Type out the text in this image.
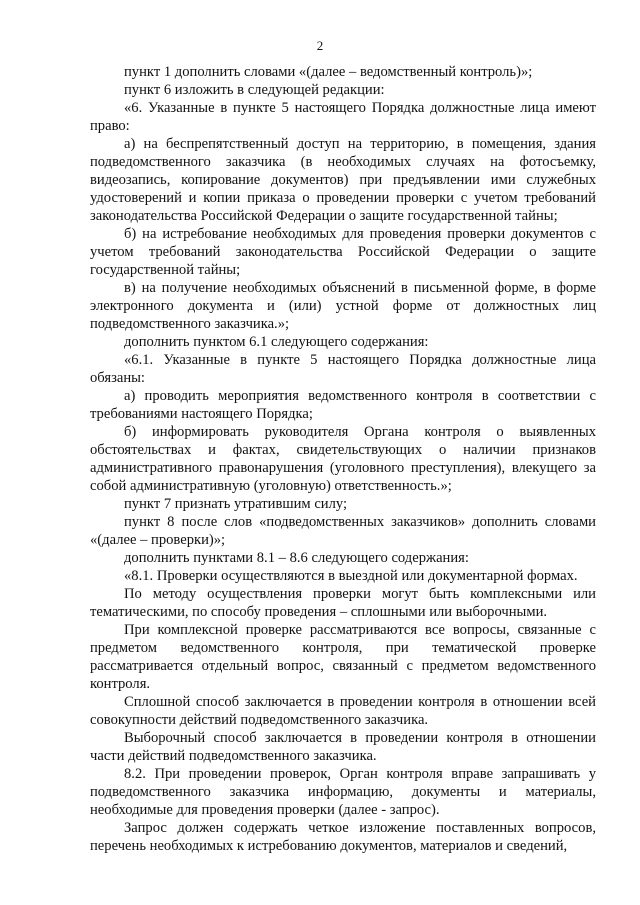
2

пункт 1 дополнить словами «(далее – ведомственный контроль)»;

пункт 6 изложить в следующей редакции:

«6. Указанные в пункте 5 настоящего Порядка должностные лица имеют право:

а) на беспрепятственный доступ на территорию, в помещения, здания подведомственного заказчика (в необходимых случаях на фотосъемку, видеозапись, копирование документов) при предъявлении ими служебных удостоверений и копии приказа о проведении проверки с учетом требований законодательства Российской Федерации о защите государственной тайны;

б) на истребование необходимых для проведения проверки документов с учетом требований законодательства Российской Федерации о защите государственной тайны;

в) на получение необходимых объяснений в письменной форме, в форме электронного документа и (или) устной форме от должностных лиц подведомственного заказчика.»;

дополнить пунктом 6.1 следующего содержания:

«6.1. Указанные в пункте 5 настоящего Порядка должностные лица обязаны:

а) проводить мероприятия ведомственного контроля в соответствии с требованиями настоящего Порядка;

б) информировать руководителя Органа контроля о выявленных обстоятельствах и фактах, свидетельствующих о наличии признаков административного правонарушения (уголовного преступления), влекущего за собой административную (уголовную) ответственность.»;

пункт 7 признать утратившим силу;

пункт 8 после слов «подведомственных заказчиков» дополнить словами «(далее – проверки)»;

дополнить пунктами 8.1 – 8.6 следующего содержания:

«8.1. Проверки осуществляются в выездной или документарной формах.

По методу осуществления проверки могут быть комплексными или тематическими, по способу проведения – сплошными или выборочными.

При комплексной проверке рассматриваются все вопросы, связанные с предметом ведомственного контроля, при тематической проверке рассматривается отдельный вопрос, связанный с предметом ведомственного контроля.

Сплошной способ заключается в проведении контроля в отношении всей совокупности действий подведомственного заказчика.

Выборочный способ заключается в проведении контроля в отношении части действий подведомственного заказчика.

8.2. При проведении проверок, Орган контроля вправе запрашивать у подведомственного заказчика информацию, документы и материалы, необходимые для проведения проверки (далее - запрос).

Запрос должен содержать четкое изложение поставленных вопросов, перечень необходимых к истребованию документов, материалов и сведений,
